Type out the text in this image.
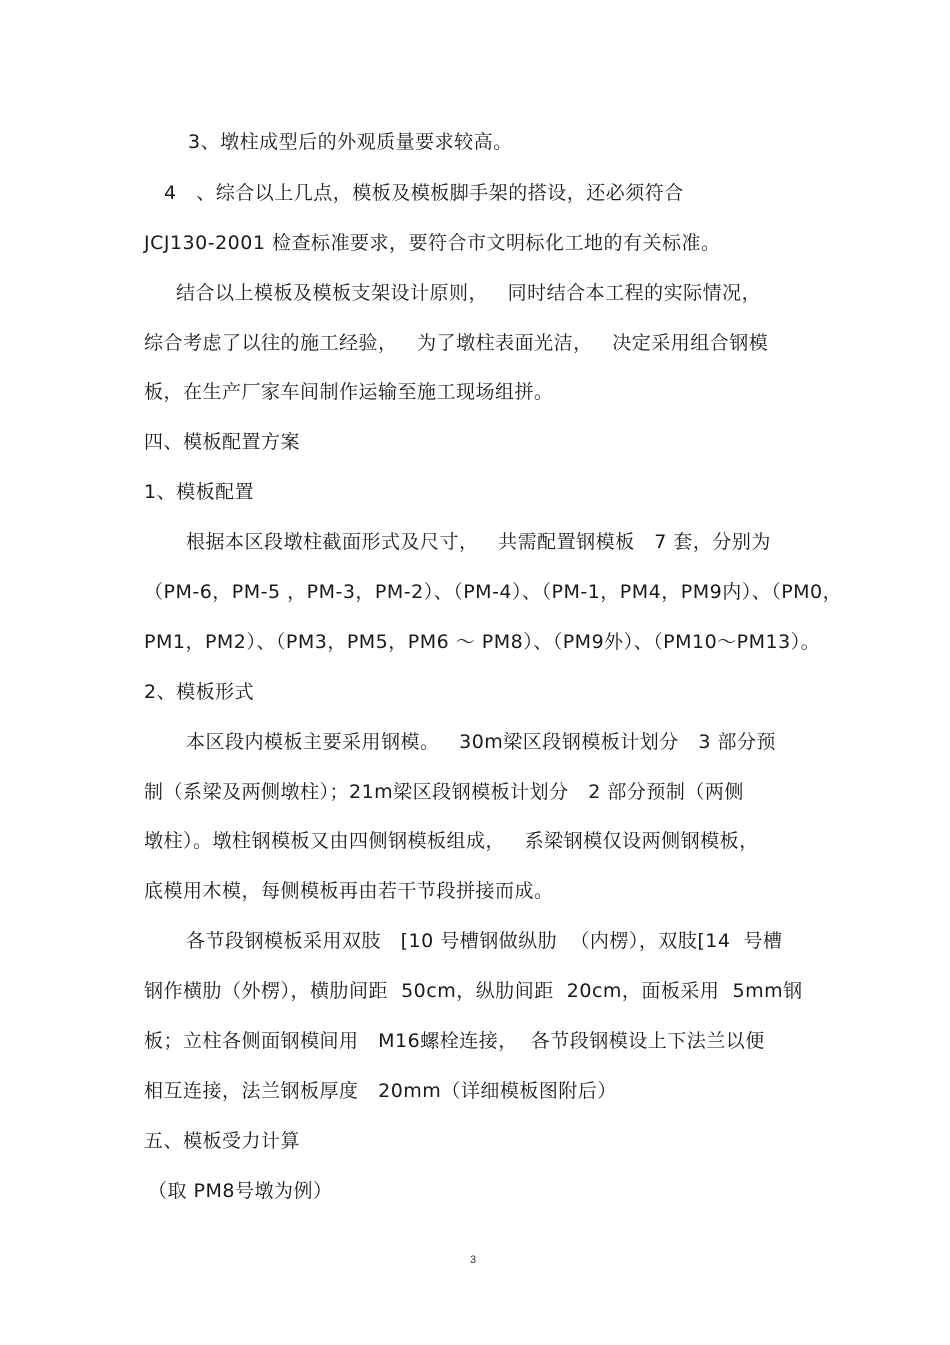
3、墩柱成型后的外观质量要求较高。
4   、综合以上几点，模板及模板脚手架的搭设，还必须符合
JCJ130-2001 检查标准要求，要符合市文明标化工地的有关标准。
结合以上模板及模板支架设计原则，   同时结合本工程的实际情况，
综合考虑了以往的施工经验，   为了墩柱表面光洁，   决定采用组合钢模
板，在生产厂家车间制作运输至施工现场组拼。
四、模板配置方案
1、模板配置
根据本区段墩柱截面形式及尺寸，   共需配置钢模板   7 套，分别为
（PM-6，PM-5 ，PM-3，PM-2）、（PM-4）、（PM-1，PM4，PM9内）、（PM0，
PM1，PM2）、（PM3，PM5，PM6 ～ PM8）、（PM9外）、（PM10～PM13）。
2、模板形式
本区段内模板主要采用钢模。   30m梁区段钢模板计划分   3 部分预
制（系梁及两侧墩柱）；21m梁区段钢模板计划分   2 部分预制（两侧
墩柱）。墩柱钢模板又由四侧钢模板组成，   系梁钢模仅设两侧钢模板，
底模用木模，每侧模板再由若干节段拼接而成。
各节段钢模板采用双肢   [10 号槽钢做纵肋  （内楞），双肢[14  号槽
钢作横肋（外楞），横肋间距  50cm，纵肋间距  20cm，面板采用  5mm钢
板；立柱各侧面钢模间用   M16螺栓连接，  各节段钢模设上下法兰以便
相互连接，法兰钢板厚度   20mm（详细模板图附后）
五、模板受力计算
（取 PM8号墩为例）
3
